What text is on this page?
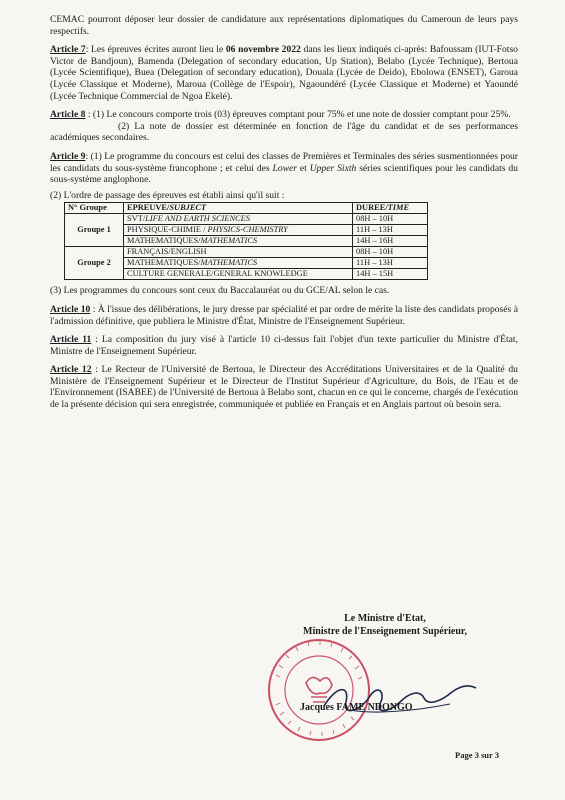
CEMAC pourront déposer leur dossier de candidature aux représentations diplomatiques du Cameroun de leurs pays respectifs.

Article 7: Les épreuves écrites auront lieu le 06 novembre 2022 dans les lieux indiqués ci-après: Bafoussam (IUT-Fotso Victor de Bandjoun), Bamenda (Delegation of secondary education, Up Station), Belabo (Lycée Technique), Bertoua (Lycée Scientifique), Buea (Delegation of secondary education), Douala (Lycée de Deido), Ebolowa (ENSET), Garoua (Lycée Classique et Moderne), Maroua (Collège de l'Espoir), Ngaoundéré (Lycée Classique et Moderne) et Yaoundé (Lycée Technique Commercial de Ngoa Ekelé).

Article 8 : (1) Le concours comporte trois (03) épreuves comptant pour 75% et une note de dossier comptant pour 25%.

(2) La note de dossier est déterminée en fonction de l'âge du candidat et de ses performances académiques secondaires.

Article 9: (1) Le programme du concours est celui des classes de Premières et Terminales des séries susmentionnées pour les candidats du sous-système francophone ; et celui des Lower et Upper Sixth séries scientifiques pour les candidats du sous-système anglophone.

(2) L'ordre de passage des épreuves est établi ainsi qu'il suit :

N° Groupe	EPREUVE/SUBJECT	DUREE/TIME
Groupe 1	SVT/LIFE AND EARTH SCIENCES	08H – 10H
	PHYSIQUE-CHIMIE / PHYSICS-CHEMISTRY	11H – 13H
	MATHEMATIQUES/MATHEMATICS	14H – 16H
Groupe 2	FRANÇAIS/ENGLISH	08H – 10H
	MATHEMATIQUES/MATHEMATICS	11H – 13H
	CULTURE GENERALE/GENERAL KNOWLEDGE	14H – 15H

(3) Les programmes du concours sont ceux du Baccalauréat ou du GCE/AL selon le cas.

Article 10 : À l'issue des délibérations, le jury dresse par spécialité et par ordre de mérite la liste des candidats proposés à l'admission définitive, que publiera le Ministre d'État, Ministre de l'Enseignement Supérieur.

Article 11 : La composition du jury visé à l'article 10 ci-dessus fait l'objet d'un texte particulier du Ministre d'État, Ministre de l'Enseignement Supérieur.

Article 12 : Le Recteur de l'Université de Bertoua, le Directeur des Accréditations Universitaires et de la Qualité du Ministère de l'Enseignement Supérieur et le Directeur de l'Institut Supérieur d'Agriculture, du Bois, de l'Eau et de l'Environnement (ISABEE) de l'Université de Bertoua à Belabo sont, chacun en ce qui le concerne, chargés de l'exécution de la présente décision qui sera enregistrée, communiquée et publiée en Français et en Anglais partout où besoin sera.

Le Ministre d'Etat,
Ministre de l'Enseignement Supérieur,
Jacques FAME NDONGO
Page 3 sur 3
